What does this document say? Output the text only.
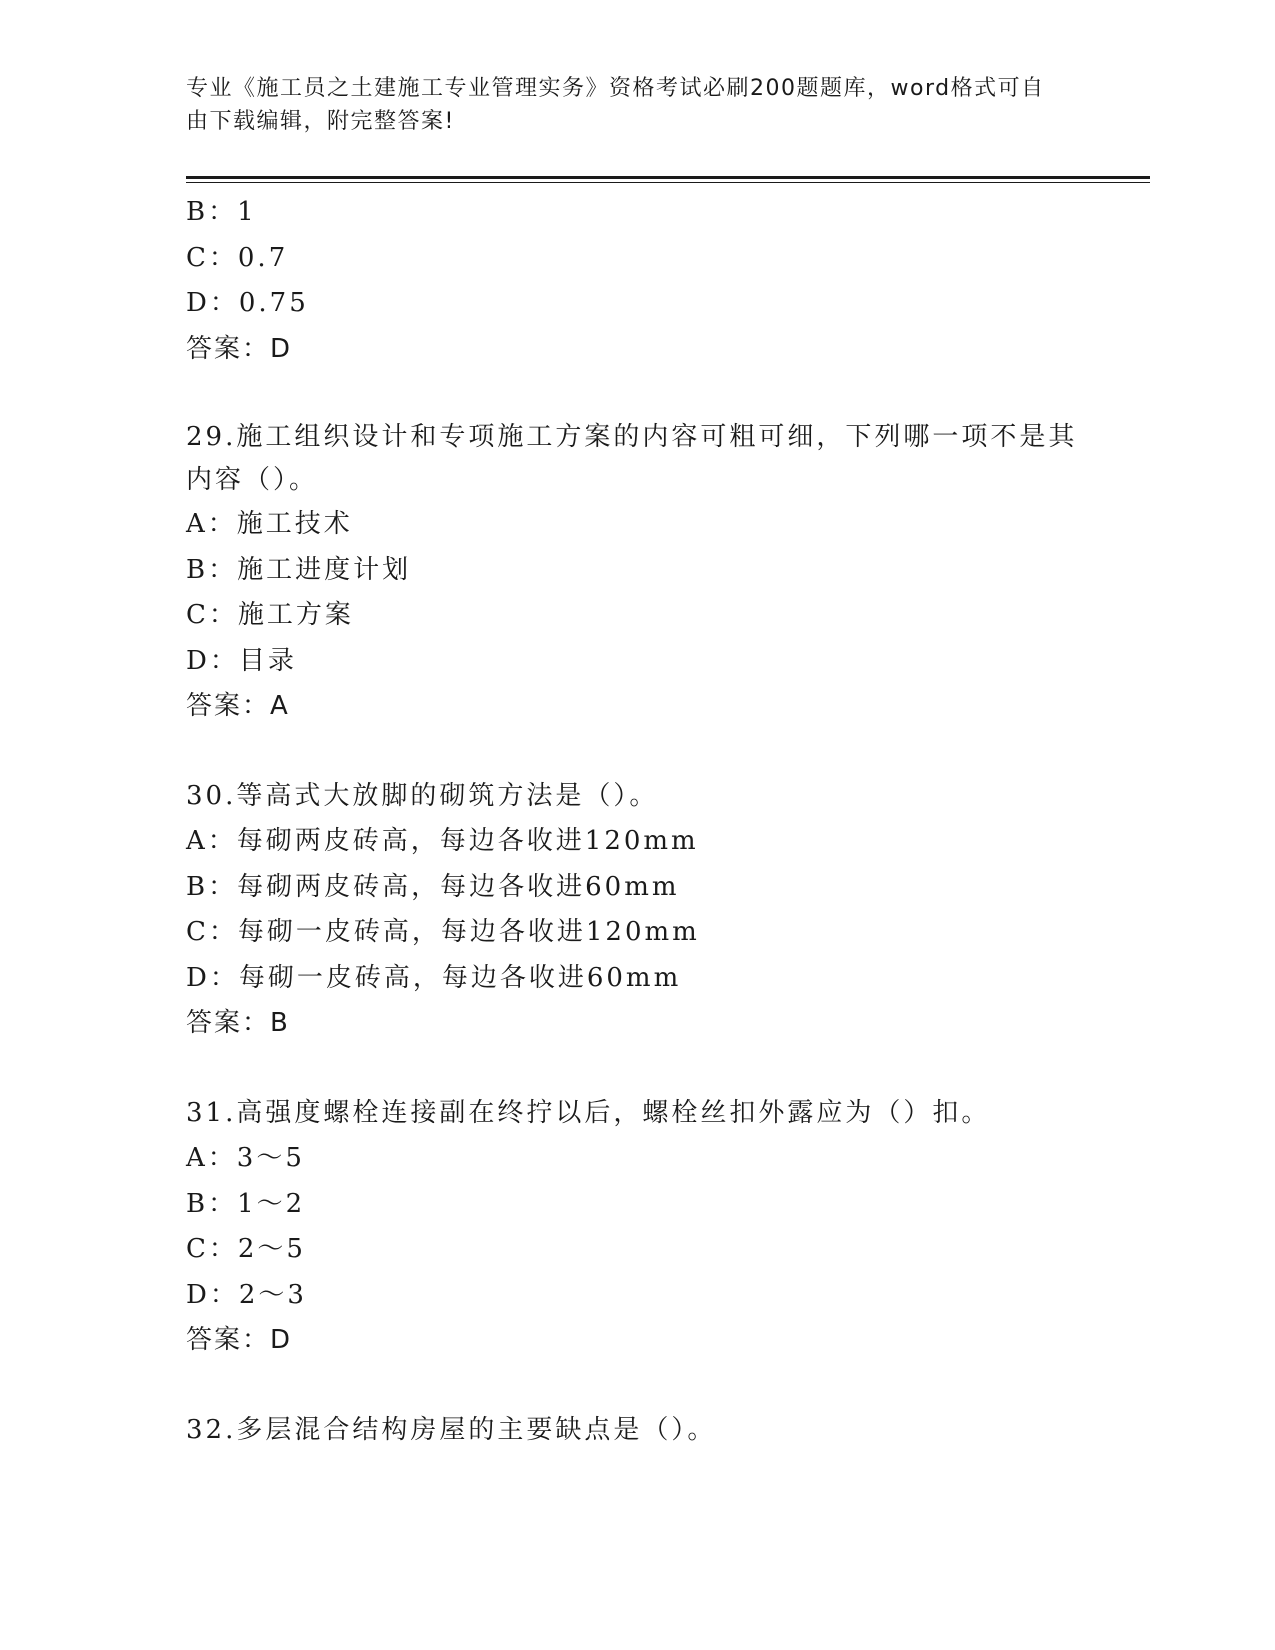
专业《施工员之土建施工专业管理实务》资格考试必刷200题题库，word格式可自由下载编辑，附完整答案!
B：1
C：0.7
D：0.75
答案：D
29.施工组织设计和专项施工方案的内容可粗可细，下列哪一项不是其内容（）。
A：施工技术
B：施工进度计划
C：施工方案
D：目录
答案：A
30.等高式大放脚的砌筑方法是（）。
A：每砌两皮砖高，每边各收进120mm
B：每砌两皮砖高，每边各收进60mm
C：每砌一皮砖高，每边各收进120mm
D：每砌一皮砖高，每边各收进60mm
答案：B
31.高强度螺栓连接副在终拧以后，螺栓丝扣外露应为（）扣。
A：3～5
B：1～2
C：2～5
D：2～3
答案：D
32.多层混合结构房屋的主要缺点是（）。
